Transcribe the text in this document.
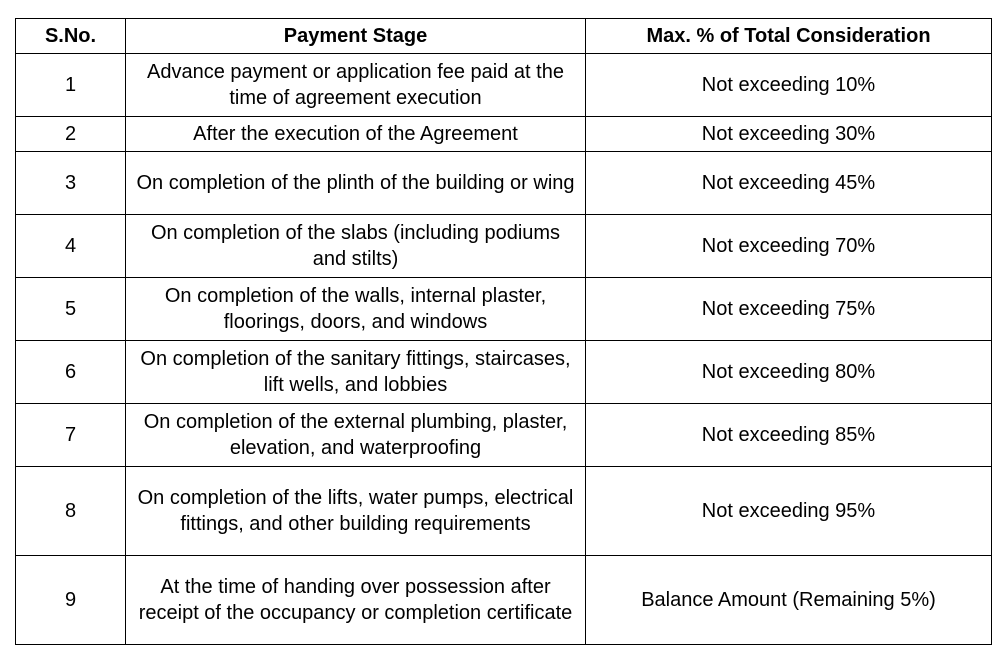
S.No.	Payment Stage	Max. % of Total Consideration
1	Advance payment or application fee paid at the time of agreement execution	Not exceeding 10%
2	After the execution of the Agreement	Not exceeding 30%
3	On completion of the plinth of the building or wing	Not exceeding 45%
4	On completion of the slabs (including podiums and stilts)	Not exceeding 70%
5	On completion of the walls, internal plaster, floorings, doors, and windows	Not exceeding 75%
6	On completion of the sanitary fittings, staircases, lift wells, and lobbies	Not exceeding 80%
7	On completion of the external plumbing, plaster, elevation, and waterproofing	Not exceeding 85%
8	On completion of the lifts, water pumps, electrical fittings, and other building requirements	Not exceeding 95%
9	At the time of handing over possession after receipt of the occupancy or completion certificate	Balance Amount (Remaining 5%)
